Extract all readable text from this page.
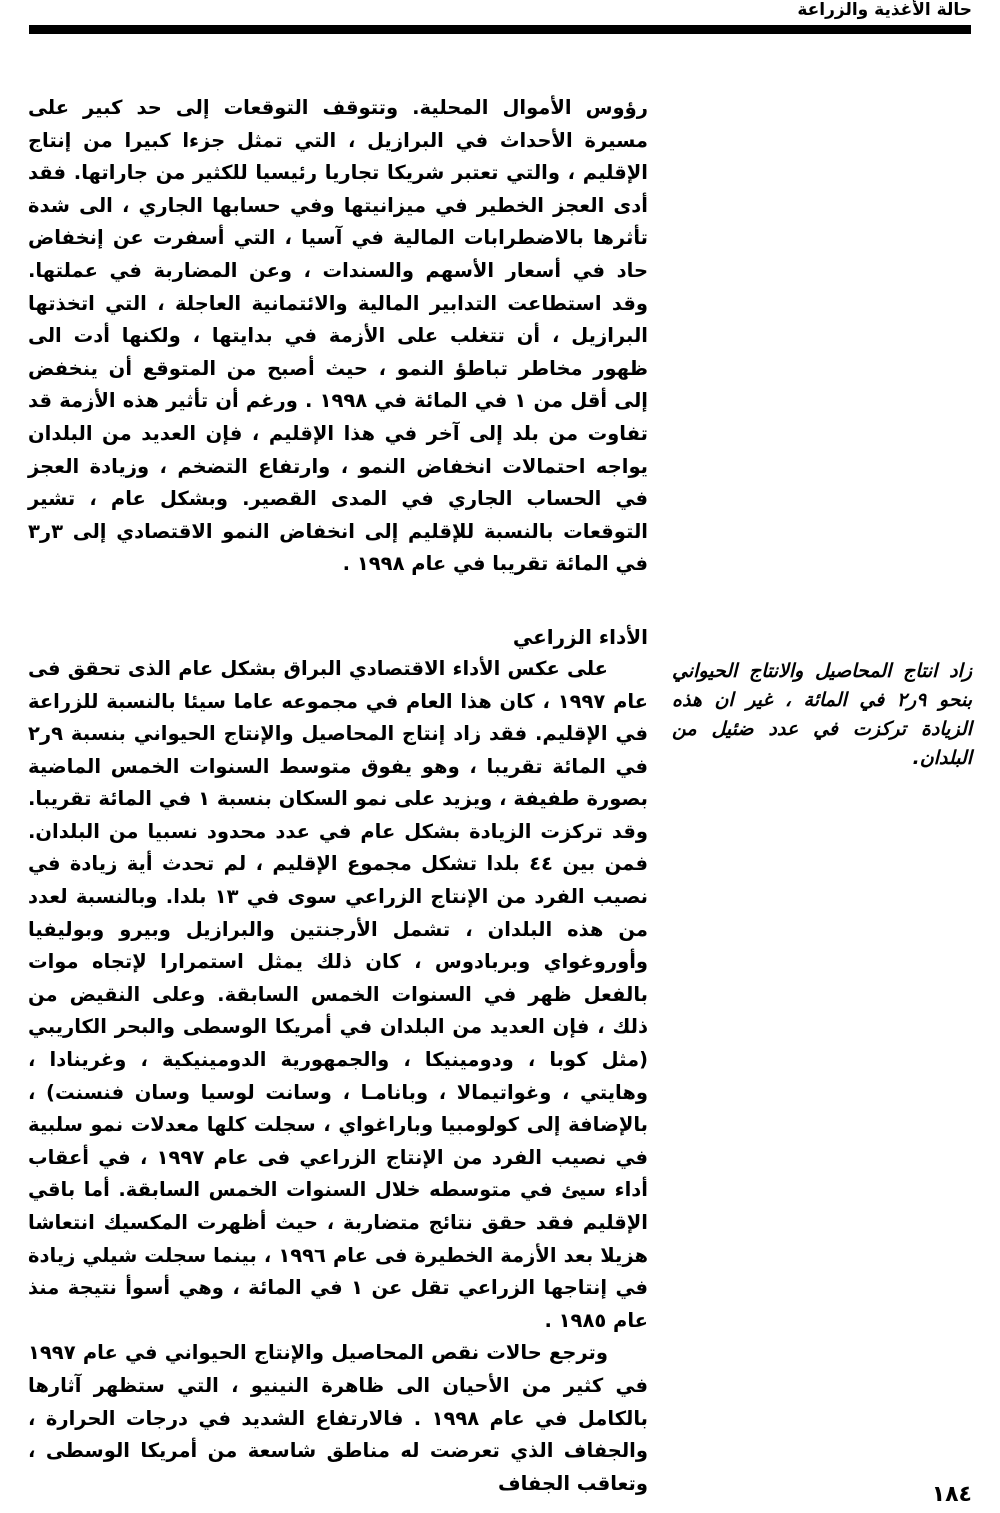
حالة الأغذية والزراعة

رؤوس الأموال المحلية. وتتوقف التوقعات إلى حد كبير على مسيرة الأحداث في البرازيل ، التي تمثل جزءا كبيرا من إنتاج الإقليم ، والتي تعتبر شريكا تجاريا رئيسيا للكثير من جاراتها. فقد أدى العجز الخطير في ميزانيتها وفي حسابها الجاري ، الى شدة تأثرها بالاضطرابات المالية في آسيا ، التي أسفرت عن إنخفاض حاد في أسعار الأسهم والسندات ، وعن المضاربة في عملتها. وقد استطاعت التدابير المالية والائتمانية العاجلة ، التي اتخذتها البرازيل ، أن تتغلب على الأزمة في بدايتها ، ولكنها أدت الى ظهور مخاطر تباطؤ النمو ، حيث أصبح من المتوقع أن ينخفض إلى أقل من ١ في المائة في ١٩٩٨ . ورغم أن تأثير هذه الأزمة قد تفاوت من بلد إلى آخر في هذا الإقليم ، فإن العديد من البلدان يواجه احتمالات انخفاض النمو ، وارتفاع التضخم ، وزيادة العجز في الحساب الجاري في المدى القصير. وبشكل عام ، تشير التوقعات بالنسبة للإقليم إلى انخفاض النمو الاقتصادي إلى ٣ر٣ في المائة تقريبا في عام ١٩٩٨ .

الأداء الزراعي

على عكس الأداء الاقتصادي البراق بشكل عام الذى تحقق فى عام ١٩٩٧ ، كان هذا العام في مجموعه عاما سيئا بالنسبة للزراعة في الإقليم. فقد زاد إنتاج المحاصيل والإنتاج الحيواني بنسبة ٩ر٢ في المائة تقريبا ، وهو يفوق متوسط السنوات الخمس الماضية بصورة طفيفة ، ويزيد على نمو السكان بنسبة ١ في المائة تقريبا. وقد تركزت الزيادة بشكل عام في عدد محدود نسبيا من البلدان. فمن بين ٤٤ بلدا تشكل مجموع الإقليم ، لم تحدث أية زيادة في نصيب الفرد من الإنتاج الزراعي سوى في ١٣ بلدا. وبالنسبة لعدد من هذه البلدان ، تشمل الأرجنتين والبرازيل وبيرو وبوليفيا وأوروغواي وبربادوس ، كان ذلك يمثل استمرارا لإتجاه موات بالفعل ظهر في السنوات الخمس السابقة. وعلى النقيض من ذلك ، فإن العديد من البلدان في أمريكا الوسطى والبحر الكاريبي (مثل كوبا ، ودومينيكا ، والجمهورية الدومينيكية ، وغرينادا ، وهايتي ، وغواتيمالا ، وبانامـا ، وسانت لوسيا وسان فنسنت) ، بالإضافة إلى كولومبيا وباراغواي ، سجلت كلها معدلات نمو سلبية في نصيب الفرد من الإنتاج الزراعي فى عام ١٩٩٧ ، في أعقاب أداء سيئ في متوسطه خلال السنوات الخمس السابقة. أما باقي الإقليم فقد حقق نتائج متضاربة ، حيث أظهرت المكسيك انتعاشا هزيلا بعد الأزمة الخطيرة فى عام ١٩٩٦ ، بينما سجلت شيلي زيادة في إنتاجها الزراعي تقل عن ١ في المائة ، وهي أسوأ نتيجة منذ عام ١٩٨٥ .

وترجع حالات نقص المحاصيل والإنتاج الحيواني في عام ١٩٩٧ في كثير من الأحيان الى ظاهرة النينيو ، التي ستظهر آثارها بالكامل في عام ١٩٩٨ . فالارتفاع الشديد في درجات الحرارة ، والجفاف الذي تعرضت له مناطق شاسعة من أمريكا الوسطى ، وتعاقب الجفاف

زاد انتاج المحاصيل والانتاج الحيواني بنحو ٩ر٢ في المائة ، غير ان هذه الزيادة تركزت في عدد ضئيل من البلدان.
١٨٤
